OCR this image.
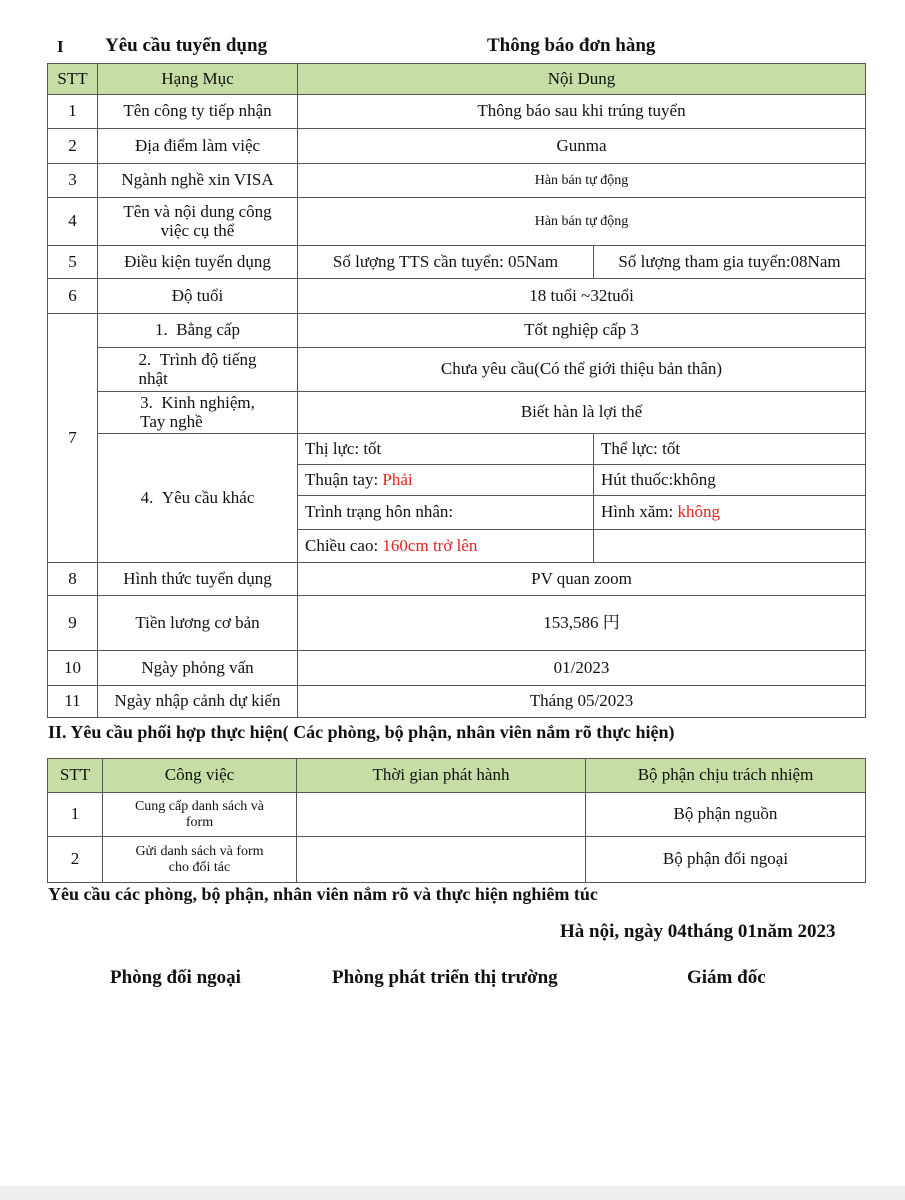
I Yêu cầu tuyển dụng	Thông báo đơn hàng
STT	Hạng Mục	Nội Dung	
1	Tên công ty tiếp nhận	Thông báo sau khi trúng tuyển	
2	Địa điểm làm việc	Gunma	
3	Ngành nghề xin VISA	Hàn bán tự động	
4	Tên và nội dung công
việc cụ thể	Hàn bán tự động	
5	Điều kiện tuyển dụng	Số lượng TTS cần tuyển: 05Nam	Số lượng tham gia tuyển:08Nam
6	Độ tuổi	18 tuổi ~32tuổi	
7	1. Bằng cấp	Tốt nghiệp cấp 3	
	2. Trình độ tiếng
nhật	Chưa yêu cầu(Có thể giới thiệu bản thân)	
	3. Kinh nghiệm,
Tay nghề	Biết hàn là lợi thế	
	4. Yêu cầu khác	Thị lực: tốt	Thể lực: tốt
		Thuận tay: Phải	Hút thuốc:không
		Trình trạng hôn nhân:	Hình xăm: không
		Chiều cao: 160cm trở lên	
8	Hình thức tuyển dụng	PV quan zoom	
9	Tiền lương cơ bản	153,586 円	
10	Ngày phỏng vấn	01/2023	
11	Ngày nhập cảnh dự kiến	Tháng 05/2023	
II. Yêu cầu phối hợp thực hiện( Các phòng, bộ phận, nhân viên nắm rõ thực hiện)
STT	Công việc	Thời gian phát hành	Bộ phận chịu trách nhiệm
1	Cung cấp danh sách và
form		Bộ phận nguồn
2	Gửi danh sách và form
cho đối tác		Bộ phận đối ngoại
Yêu cầu các phòng, bộ phận, nhân viên nắm rõ và thực hiện nghiêm túc
Hà nội, ngày 04tháng 01năm 2023
Phòng đối ngoại	Phòng phát triển thị trường	Giám đốc
